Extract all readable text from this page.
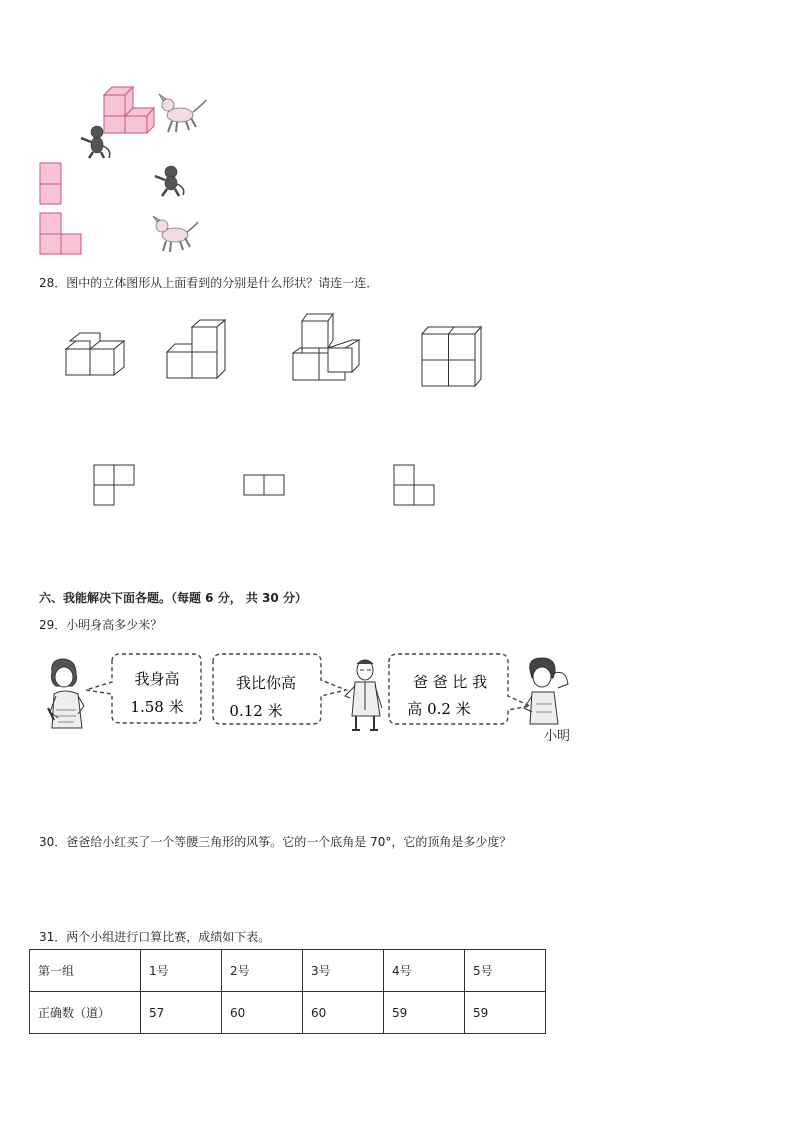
28．图中的立体图形从上面看到的分别是什么形状？请连一连．
六、我能解决下面各题。（每题 6 分， 共 30 分）
29．小明身高多少米？
我身高
1.58 米
我比你高
0.12 米
爸 爸 比 我
高 0.2 米
小明
30．爸爸给小红买了一个等腰三角形的风筝。它的一个底角是 70°，它的顶角是多少度？
31．两个小组进行口算比赛，成绩如下表。
第一组	1号	2号	3号	4号	5号
正确数（道）	57	60	60	59	59
